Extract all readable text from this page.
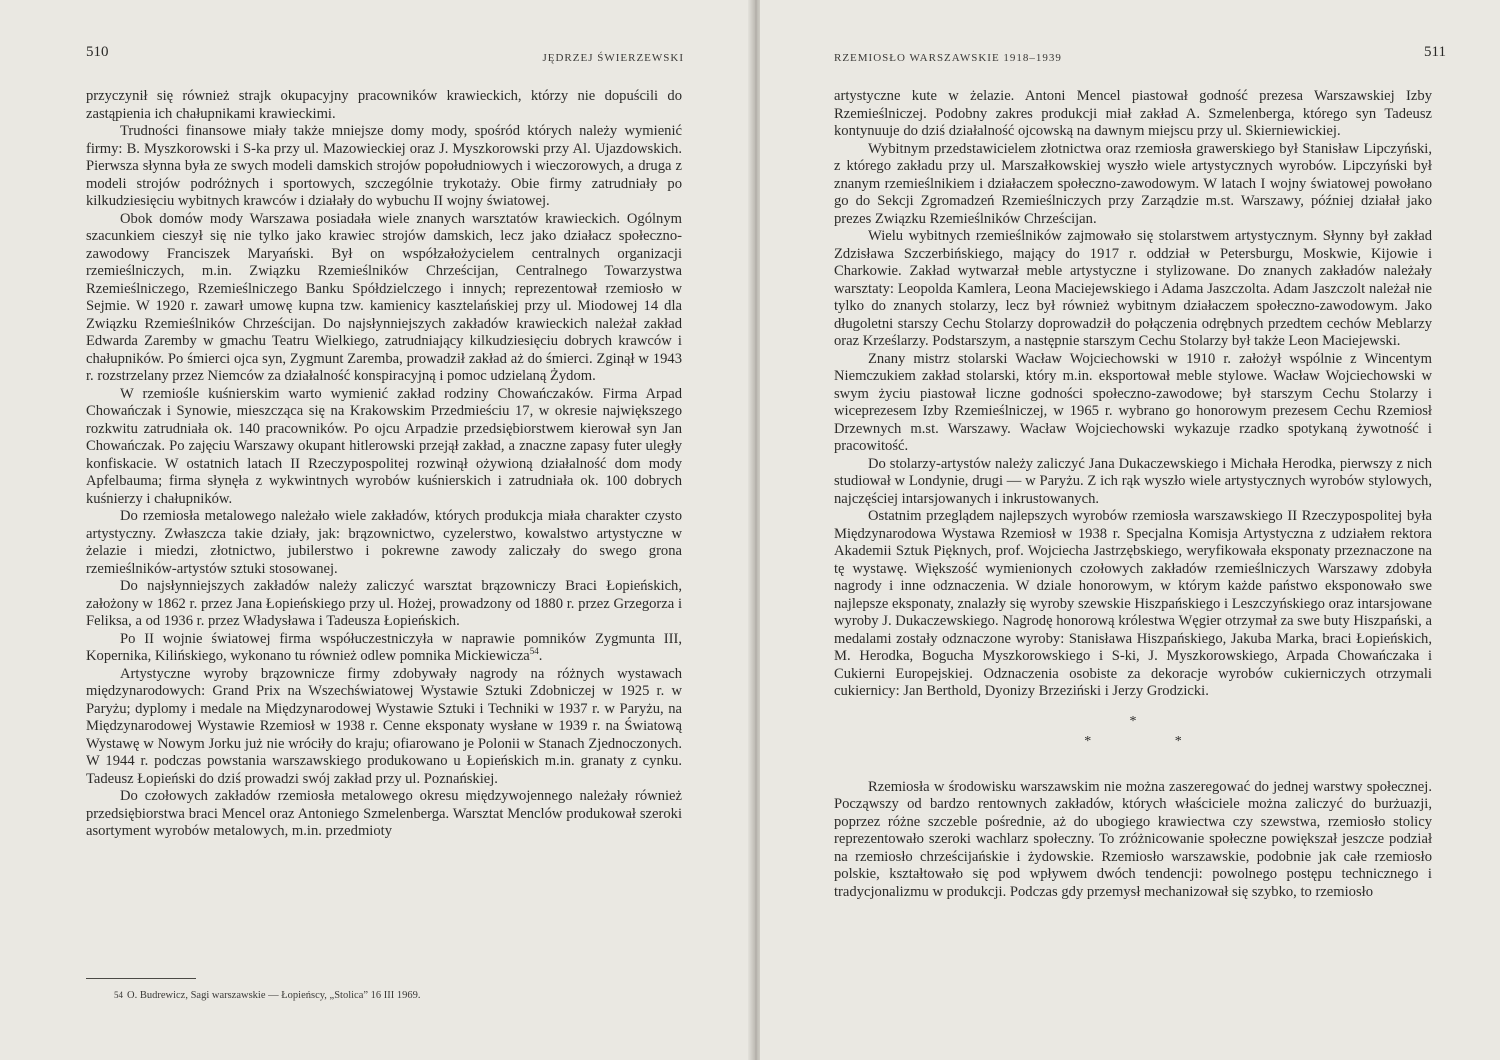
510	JĘDRZEJ ŚWIERZEWSKI

przyczynił się również strajk okupacyjny pracowników krawieckich, którzy nie dopuścili do zastąpienia ich chałupnikami krawieckimi.

Trudności finansowe miały także mniejsze domy mody, spośród których należy wymienić firmy: B. Myszkorowski i S-ka przy ul. Mazowieckiej oraz J. Myszkorowski przy Al. Ujazdowskich. Pierwsza słynna była ze swych modeli damskich strojów popołudniowych i wieczorowych, a druga z modeli strojów podróżnych i sportowych, szczególnie trykotaży. Obie firmy zatrudniały po kilkudziesięciu wybitnych krawców i działały do wybuchu II wojny światowej.

Obok domów mody Warszawa posiadała wiele znanych warsztatów krawieckich. Ogólnym szacunkiem cieszył się nie tylko jako krawiec strojów damskich, lecz jako działacz społeczno-zawodowy Franciszek Maryański. Był on współzałożycielem centralnych organizacji rzemieślniczych, m.in. Związku Rzemieślników Chrześcijan, Centralnego Towarzystwa Rzemieślniczego, Rzemieślniczego Banku Spółdzielczego i innych; reprezentował rzemiosło w Sejmie. W 1920 r. zawarł umowę kupna tzw. kamienicy kasztelańskiej przy ul. Miodowej 14 dla Związku Rzemieślników Chrześcijan. Do najsłynniejszych zakładów krawieckich należał zakład Edwarda Zaremby w gmachu Teatru Wielkiego, zatrudniający kilkudziesięciu dobrych krawców i chałupników. Po śmierci ojca syn, Zygmunt Zaremba, prowadził zakład aż do śmierci. Zginął w 1943 r. rozstrzelany przez Niemców za działalność konspiracyjną i pomoc udzielaną Żydom.

W rzemiośle kuśnierskim warto wymienić zakład rodziny Chowańczaków. Firma Arpad Chowańczak i Synowie, mieszcząca się na Krakowskim Przedmieściu 17, w okresie największego rozkwitu zatrudniała ok. 140 pracowników. Po ojcu Arpadzie przedsiębiorstwem kierował syn Jan Chowańczak. Po zajęciu Warszawy okupant hitlerowski przejął zakład, a znaczne zapasy futer uległy konfiskacie. W ostatnich latach II Rzeczypospolitej rozwinął ożywioną działalność dom mody Apfelbauma; firma słynęła z wykwintnych wyrobów kuśnierskich i zatrudniała ok. 100 dobrych kuśnierzy i chałupników.

Do rzemiosła metalowego należało wiele zakładów, których produkcja miała charakter czysto artystyczny. Zwłaszcza takie działy, jak: brązownictwo, cyzelerstwo, kowalstwo artystyczne w żelazie i miedzi, złotnictwo, jubilerstwo i pokrewne zawody zaliczały do swego grona rzemieślników-artystów sztuki stosowanej.

Do najsłynniejszych zakładów należy zaliczyć warsztat brązowniczy Braci Łopieńskich, założony w 1862 r. przez Jana Łopieńskiego przy ul. Hożej, prowadzony od 1880 r. przez Grzegorza i Feliksa, a od 1936 r. przez Władysława i Tadeusza Łopieńskich.

Po II wojnie światowej firma współuczestniczyła w naprawie pomników Zygmunta III, Kopernika, Kilińskiego, wykonano tu również odlew pomnika Mickiewicza$^{54}$.

Artystyczne wyroby brązownicze firmy zdobywały nagrody na różnych wystawach międzynarodowych: Grand Prix na Wszechświatowej Wystawie Sztuki Zdobniczej w 1925 r. w Paryżu; dyplomy i medale na Międzynarodowej Wystawie Sztuki i Techniki w 1937 r. w Paryżu, na Międzynarodowej Wystawie Rzemiosł w 1938 r. Cenne eksponaty wysłane w 1939 r. na Światową Wystawę w Nowym Jorku już nie wróciły do kraju; ofiarowano je Polonii w Stanach Zjednoczonych. W 1944 r. podczas powstania warszawskiego produkowano u Łopieńskich m.in. granaty z cynku. Tadeusz Łopieński do dziś prowadzi swój zakład przy ul. Poznańskiej.

Do czołowych zakładów rzemiosła metalowego okresu międzywojennego należały również przedsiębiorstwa braci Mencel oraz Antoniego Szmelenberga. Warsztat Menclów produkował szeroki asortyment wyrobów metalowych, m.in. przedmioty

54 O. Budrewicz, Sagi warszawskie — Łopieńscy, „Stolica” 16 III 1969.
RZEMIOSŁO WARSZAWSKIE 1918–1939	511

artystyczne kute w żelazie. Antoni Mencel piastował godność prezesa Warszawskiej Izby Rzemieślniczej. Podobny zakres produkcji miał zakład A. Szmelenberga, którego syn Tadeusz kontynuuje do dziś działalność ojcowską na dawnym miejscu przy ul. Skierniewickiej.

Wybitnym przedstawicielem złotnictwa oraz rzemiosła grawerskiego był Stanisław Lipczyński, z którego zakładu przy ul. Marszałkowskiej wyszło wiele artystycznych wyrobów. Lipczyński był znanym rzemieślnikiem i działaczem społeczno-zawodowym. W latach I wojny światowej powołano go do Sekcji Zgromadzeń Rzemieślniczych przy Zarządzie m.st. Warszawy, później działał jako prezes Związku Rzemieślników Chrześcijan.

Wielu wybitnych rzemieślników zajmowało się stolarstwem artystycznym. Słynny był zakład Zdzisława Szczerbińskiego, mający do 1917 r. oddział w Petersburgu, Moskwie, Kijowie i Charkowie. Zakład wytwarzał meble artystyczne i stylizowane. Do znanych zakładów należały warsztaty: Leopolda Kamlera, Leona Maciejewskiego i Adama Jaszczolta. Adam Jaszczolt należał nie tylko do znanych stolarzy, lecz był również wybitnym działaczem społeczno-zawodowym. Jako długoletni starszy Cechu Stolarzy doprowadził do połączenia odrębnych przedtem cechów Meblarzy oraz Krześlarzy. Podstarszym, a następnie starszym Cechu Stolarzy był także Leon Maciejewski.

Znany mistrz stolarski Wacław Wojciechowski w 1910 r. założył wspólnie z Wincentym Niemczukiem zakład stolarski, który m.in. eksportował meble stylowe. Wacław Wojciechowski w swym życiu piastował liczne godności społeczno-zawodowe; był starszym Cechu Stolarzy i wiceprezesem Izby Rzemieślniczej, w 1965 r. wybrano go honorowym prezesem Cechu Rzemiosł Drzewnych m.st. Warszawy. Wacław Wojciechowski wykazuje rzadko spotykaną żywotność i pracowitość.

Do stolarzy-artystów należy zaliczyć Jana Dukaczewskiego i Michała Herodka, pierwszy z nich studiował w Londynie, drugi — w Paryżu. Z ich rąk wyszło wiele artystycznych wyrobów stylowych, najczęściej intarsjowanych i inkrustowanych.

Ostatnim przeglądem najlepszych wyrobów rzemiosła warszawskiego II Rzeczypospolitej była Międzynarodowa Wystawa Rzemiosł w 1938 r. Specjalna Komisja Artystyczna z udziałem rektora Akademii Sztuk Pięknych, prof. Wojciecha Jastrzębskiego, weryfikowała eksponaty przeznaczone na tę wystawę. Większość wymienionych czołowych zakładów rzemieślniczych Warszawy zdobyła nagrody i inne odznaczenia. W dziale honorowym, w którym każde państwo eksponowało swe najlepsze eksponaty, znalazły się wyroby szewskie Hiszpańskiego i Leszczyńskiego oraz intarsjowane wyroby J. Dukaczewskiego. Nagrodę honorową królestwa Węgier otrzymał za swe buty Hiszpański, a medalami zostały odznaczone wyroby: Stanisława Hiszpańskiego, Jakuba Marka, braci Łopieńskich, M. Herodka, Bogucha Myszkorowskiego i S-ki, J. Myszkorowskiego, Arpada Chowańczaka i Cukierni Europejskiej. Odznaczenia osobiste za dekoracje wyrobów cukierniczych otrzymali cukiernicy: Jan Berthold, Dyonizy Brzeziński i Jerzy Grodzicki.

*
* *

Rzemiosła w środowisku warszawskim nie można zaszeregować do jednej warstwy społecznej. Począwszy od bardzo rentownych zakładów, których właściciele można zaliczyć do burżuazji, poprzez różne szczeble pośrednie, aż do ubogiego krawiectwa czy szewstwa, rzemiosło stolicy reprezentowało szeroki wachlarz społeczny. To zróżnicowanie społeczne powiększał jeszcze podział na rzemiosło chrześcijańskie i żydowskie. Rzemiosło warszawskie, podobnie jak całe rzemiosło polskie, kształtowało się pod wpływem dwóch tendencji: powolnego postępu technicznego i tradycjonalizmu w produkcji. Podczas gdy przemysł mechanizował się szybko, to rzemiosło
